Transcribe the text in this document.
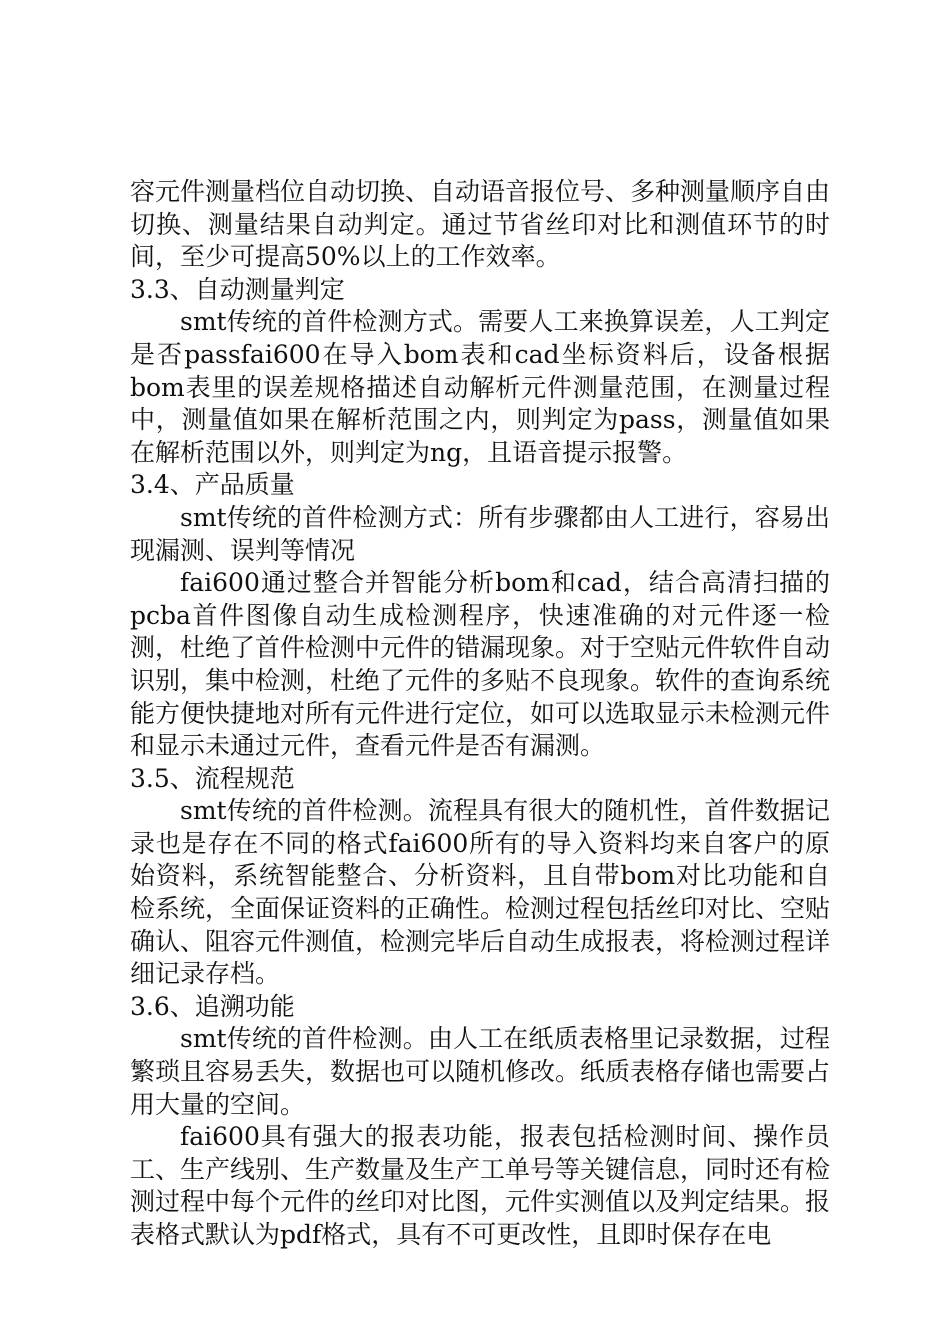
容元件测量档位自动切换、自动语音报位号、多种测量顺序自由切换、测量结果自动判定。通过节省丝印对比和测值环节的时间，至少可提高50%以上的工作效率。

3.3、自动测量判定

smt传统的首件检测方式。需要人工来换算误差，人工判定是否passfai600在导入bom表和cad坐标资料后，设备根据bom表里的误差规格描述自动解析元件测量范围，在测量过程中，测量值如果在解析范围之内，则判定为pass，测量值如果在解析范围以外，则判定为ng，且语音提示报警。

3.4、产品质量

smt传统的首件检测方式：所有步骤都由人工进行，容易出现漏测、误判等情况

fai600通过整合并智能分析bom和cad，结合高清扫描的pcba首件图像自动生成检测程序，快速准确的对元件逐一检测，杜绝了首件检测中元件的错漏现象。对于空贴元件软件自动识别，集中检测，杜绝了元件的多贴不良现象。软件的查询系统能方便快捷地对所有元件进行定位，如可以选取显示未检测元件和显示未通过元件，查看元件是否有漏测。

3.5、流程规范

smt传统的首件检测。流程具有很大的随机性，首件数据记录也是存在不同的格式fai600所有的导入资料均来自客户的原始资料，系统智能整合、分析资料，且自带bom对比功能和自检系统，全面保证资料的正确性。检测过程包括丝印对比、空贴确认、阻容元件测值，检测完毕后自动生成报表，将检测过程详细记录存档。

3.6、追溯功能

smt传统的首件检测。由人工在纸质表格里记录数据，过程繁琐且容易丢失，数据也可以随机修改。纸质表格存储也需要占用大量的空间。

fai600具有强大的报表功能，报表包括检测时间、操作员工、生产线别、生产数量及生产工单号等关键信息，同时还有检测过程中每个元件的丝印对比图，元件实测值以及判定结果。报表格式默认为pdf格式，具有不可更改性，且即时保存在电
